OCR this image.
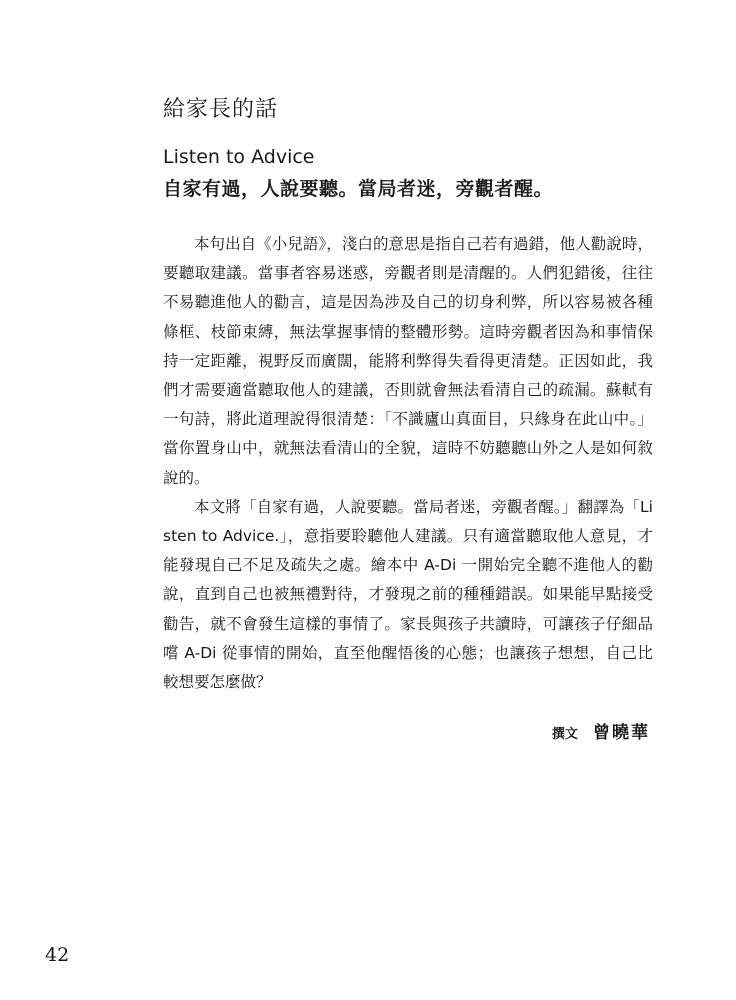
給家長的話
Listen to Advice
自家有過，人說要聽。當局者迷，旁觀者醒。

本句出自《小兒語》，淺白的意思是指自己若有過錯，他人勸說時，要聽取建議。當事者容易迷惑，旁觀者則是清醒的。人們犯錯後，往往不易聽進他人的勸言，這是因為涉及自己的切身利弊，所以容易被各種條框、枝節束縛，無法掌握事情的整體形勢。這時旁觀者因為和事情保持一定距離，視野反而廣闊，能將利弊得失看得更清楚。正因如此，我們才需要適當聽取他人的建議，否則就會無法看清自己的疏漏。蘇軾有一句詩，將此道理說得很清楚：「不識廬山真面目，只緣身在此山中。」當你置身山中，就無法看清山的全貌，這時不妨聽聽山外之人是如何敘說的。

本文將「自家有過，人說要聽。當局者迷，旁觀者醒。」翻譯為「Listen to Advice.」，意指要聆聽他人建議。只有適當聽取他人意見，才能發現自己不足及疏失之處。繪本中 A-Di 一開始完全聽不進他人的勸說，直到自己也被無禮對待，才發現之前的種種錯誤。如果能早點接受勸告，就不會發生這樣的事情了。家長與孩子共讀時，可讓孩子仔細品嚐 A-Di 從事情的開始，直至他醒悟後的心態；也讓孩子想想，自己比較想要怎麼做？

撰文 曾曉華
42
